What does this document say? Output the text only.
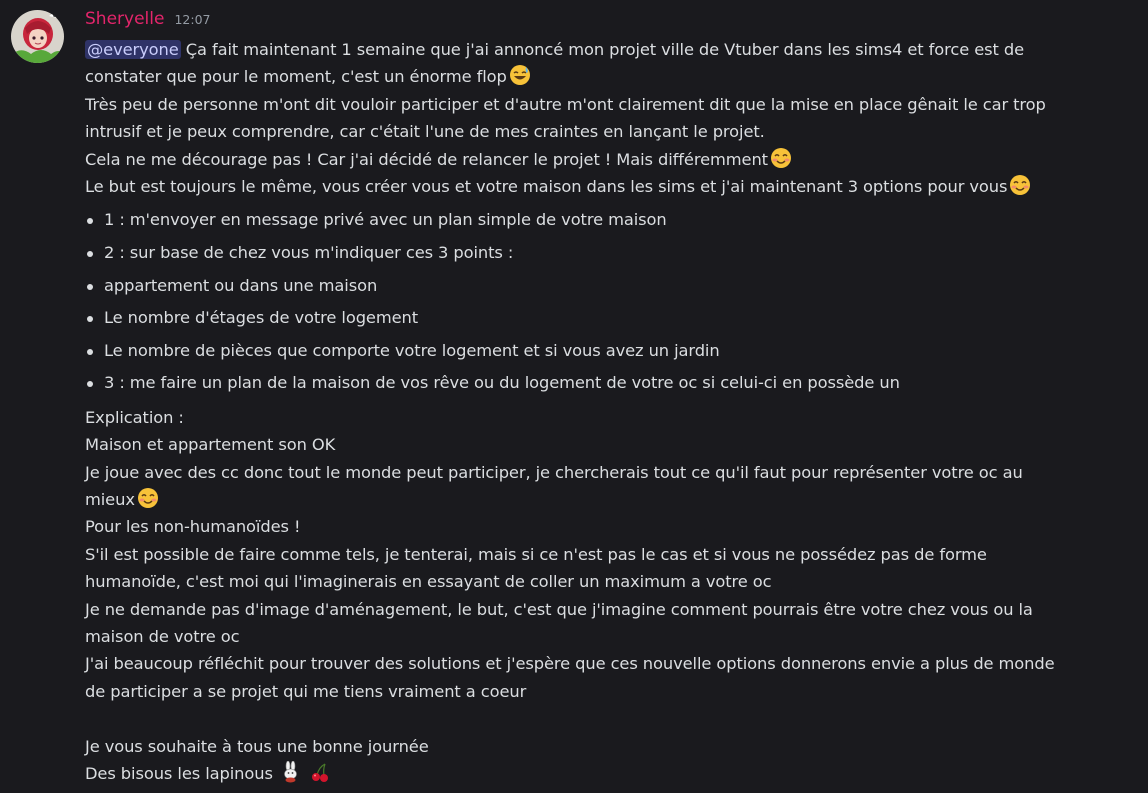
Sheryelle 12:07
@everyone Ça fait maintenant 1 semaine que j'ai annoncé mon projet ville de Vtuber dans les sims4 et force est de
constater que pour le moment, c'est un énorme flop
Très peu de personne m'ont dit vouloir participer et d'autre m'ont clairement dit que la mise en place gênait le car trop
intrusif et je peux comprendre, car c'était l'une de mes craintes en lançant le projet.
Cela ne me décourage pas ! Car j'ai décidé de relancer le projet ! Mais différemment
Le but est toujours le même, vous créer vous et votre maison dans les sims et j'ai maintenant 3 options pour vous
1 : m'envoyer en message privé avec un plan simple de votre maison
2 : sur base de chez vous m'indiquer ces 3 points :
appartement ou dans une maison
Le nombre d'étages de votre logement
Le nombre de pièces que comporte votre logement et si vous avez un jardin
3 : me faire un plan de la maison de vos rêve ou du logement de votre oc si celui-ci en possède un
Explication :
Maison et appartement son OK
Je joue avec des cc donc tout le monde peut participer, je chercherais tout ce qu'il faut pour représenter votre oc au
mieux
Pour les non-humanoïdes !
S'il est possible de faire comme tels, je tenterai, mais si ce n'est pas le cas et si vous ne possédez pas de forme
humanoïde, c'est moi qui l'imaginerais en essayant de coller un maximum a votre oc
Je ne demande pas d'image d'aménagement, le but, c'est que j'imagine comment pourrais être votre chez vous ou la
maison de votre oc
J'ai beaucoup réfléchit pour trouver des solutions et j'espère que ces nouvelle options donnerons envie a plus de monde
de participer a se projet qui me tiens vraiment a coeur
Je vous souhaite à tous une bonne journée
Des bisous les lapinous
